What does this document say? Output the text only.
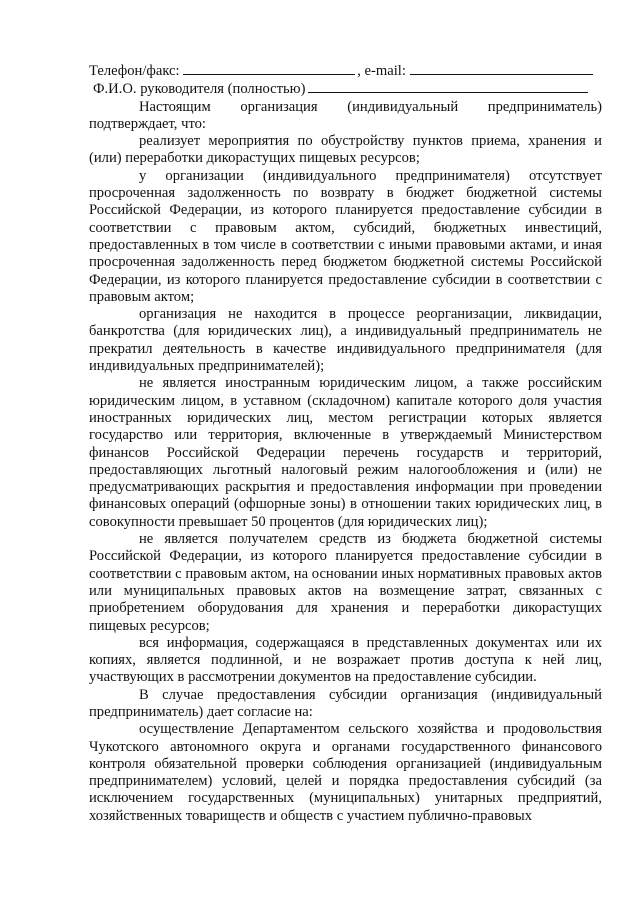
Телефон/факс:	, e-mail:
Ф.И.О. руководителя (полностью)

Настоящим организация (индивидуальный предприниматель) подтверждает, что:

реализует мероприятия по обустройству пунктов приема, хранения и (или) переработки дикорастущих пищевых ресурсов;

у организации (индивидуального предпринимателя) отсутствует просроченная задолженность по возврату в бюджет бюджетной системы Российской Федерации, из которого планируется предоставление субсидии в соответствии с правовым актом, субсидий, бюджетных инвестиций, предоставленных в том числе в соответствии с иными правовыми актами, и иная просроченная задолженность перед бюджетом бюджетной системы Российской Федерации, из которого планируется предоставление субсидии в соответствии с правовым актом;

организация не находится в процессе реорганизации, ликвидации, банкротства (для юридических лиц), а индивидуальный предприниматель не прекратил деятельность в качестве индивидуального предпринимателя (для индивидуальных предпринимателей);

не является иностранным юридическим лицом, а также российским юридическим лицом, в уставном (складочном) капитале которого доля участия иностранных юридических лиц, местом регистрации которых является государство или территория, включенные в утверждаемый Министерством финансов Российской Федерации перечень государств и территорий, предоставляющих льготный налоговый режим налогообложения и (или) не предусматривающих раскрытия и предоставления информации при проведении финансовых операций (офшорные зоны) в отношении таких юридических лиц, в совокупности превышает 50 процентов (для юридических лиц);

не является получателем средств из бюджета бюджетной системы Российской Федерации, из которого планируется предоставление субсидии в соответствии с правовым актом, на основании иных нормативных правовых актов или муниципальных правовых актов на возмещение затрат, связанных с приобретением оборудования для хранения и переработки дикорастущих пищевых ресурсов;

вся информация, содержащаяся в представленных документах или их копиях, является подлинной, и не возражает против доступа к ней лиц, участвующих в рассмотрении документов на предоставление субсидии.

В случае предоставления субсидии организация (индивидуальный предприниматель) дает согласие на:

осуществление Департаментом сельского хозяйства и продовольствия Чукотского автономного округа и органами государственного финансового контроля обязательной проверки соблюдения организацией (индивидуальным предпринимателем) условий, целей и порядка предоставления субсидий (за исключением государственных (муниципальных) унитарных предприятий, хозяйственных товариществ и обществ с участием публично-правовых
